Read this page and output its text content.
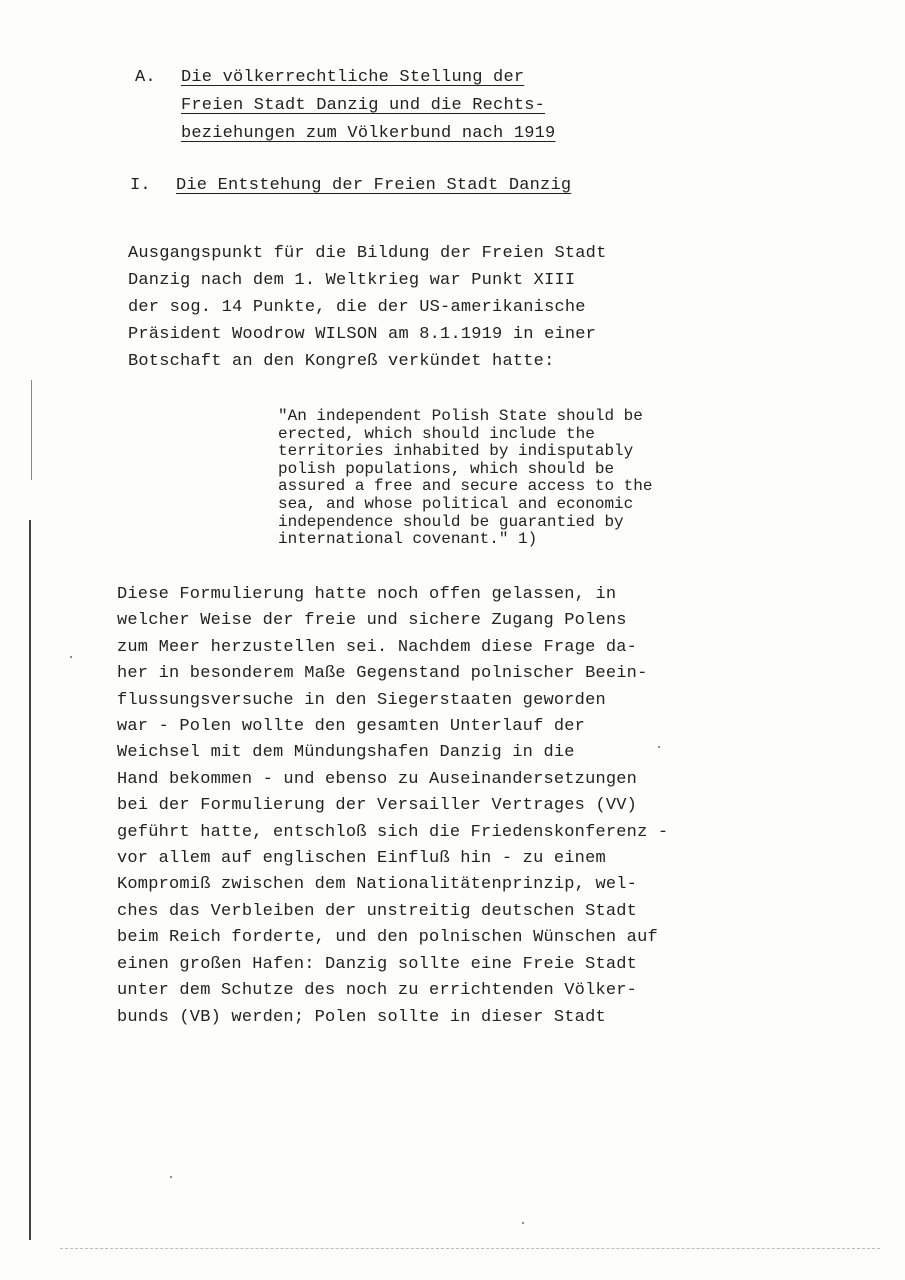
A. Die völkerrechtliche Stellung der
Freien Stadt Danzig und die Rechts-
beziehungen zum Völkerbund nach 1919
I. Die Entstehung der Freien Stadt Danzig
Ausgangspunkt für die Bildung der Freien Stadt
Danzig nach dem 1. Weltkrieg war Punkt XIII
der sog. 14 Punkte, die der US-amerikanische
Präsident Woodrow WILSON am 8.1.1919 in einer
Botschaft an den Kongreß verkündet hatte:
"An independent Polish State should be
erected, which should include the
territories inhabited by indisputably
polish populations, which should be
assured a free and secure access to the
sea, and whose political and economic
independence should be guarantied by
international covenant." 1)
Diese Formulierung hatte noch offen gelassen, in
welcher Weise der freie und sichere Zugang Polens
zum Meer herzustellen sei. Nachdem diese Frage da-
her in besonderem Maße Gegenstand polnischer Beein-
flussungsversuche in den Siegerstaaten geworden
war - Polen wollte den gesamten Unterlauf der
Weichsel mit dem Mündungshafen Danzig in die
Hand bekommen - und ebenso zu Auseinandersetzungen
bei der Formulierung der Versailler Vertrages (VV)
geführt hatte, entschloß sich die Friedenskonferenz -
vor allem auf englischen Einfluß hin - zu einem
Kompromiß zwischen dem Nationalitätenprinzip, wel-
ches das Verbleiben der unstreitig deutschen Stadt
beim Reich forderte, und den polnischen Wünschen auf
einen großen Hafen: Danzig sollte eine Freie Stadt
unter dem Schutze des noch zu errichtenden Völker-
bunds (VB) werden; Polen sollte in dieser Stadt
